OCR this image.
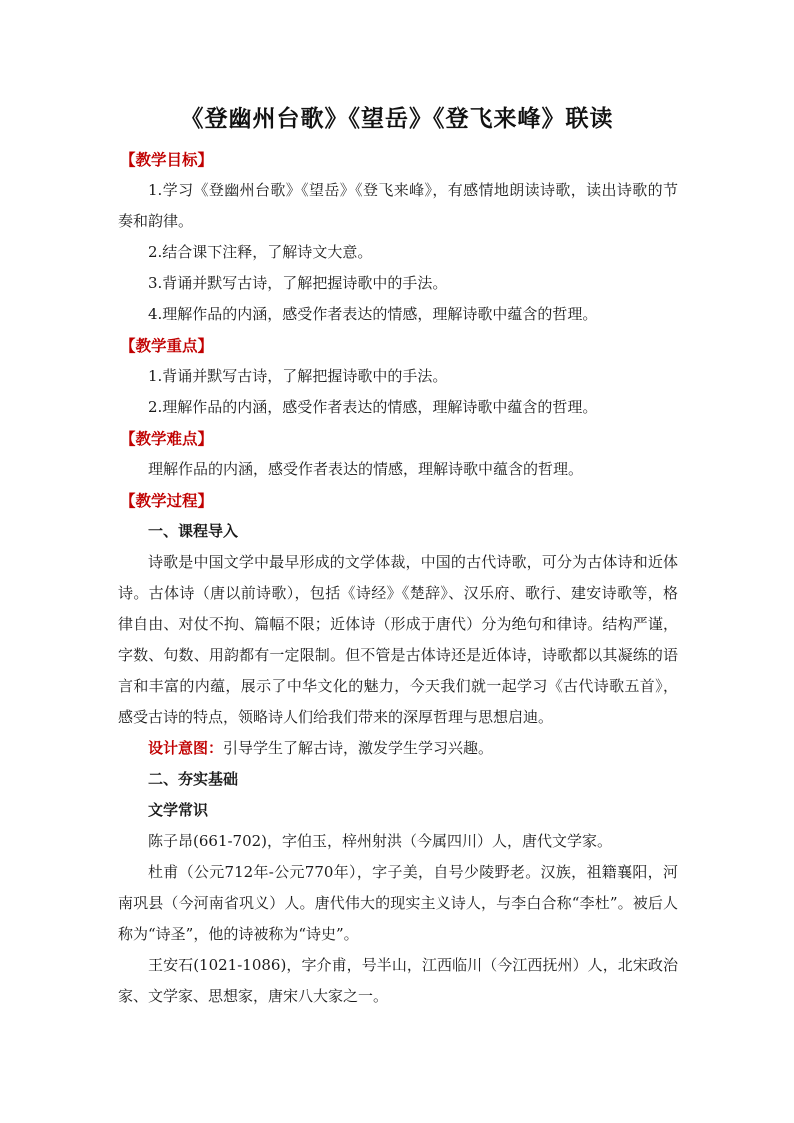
《登幽州台歌》《望岳》《登飞来峰》联读
【教学目标】

1.学习《登幽州台歌》《望岳》《登飞来峰》，有感情地朗读诗歌，读出诗歌的节奏和韵律。

2.结合课下注释，了解诗文大意。

3.背诵并默写古诗，了解把握诗歌中的手法。

4.理解作品的内涵，感受作者表达的情感，理解诗歌中蕴含的哲理。

【教学重点】

1.背诵并默写古诗，了解把握诗歌中的手法。

2.理解作品的内涵，感受作者表达的情感，理解诗歌中蕴含的哲理。

【教学难点】

理解作品的内涵，感受作者表达的情感，理解诗歌中蕴含的哲理。

【教学过程】

一、课程导入

诗歌是中国文学中最早形成的文学体裁，中国的古代诗歌，可分为古体诗和近体诗。古体诗（唐以前诗歌），包括《诗经》《楚辞》、汉乐府、歌行、建安诗歌等，格律自由、对仗不拘、篇幅不限；近体诗（形成于唐代）分为绝句和律诗。结构严谨，字数、句数、用韵都有一定限制。但不管是古体诗还是近体诗，诗歌都以其凝练的语言和丰富的内蕴，展示了中华文化的魅力，今天我们就一起学习《古代诗歌五首》，感受古诗的特点，领略诗人们给我们带来的深厚哲理与思想启迪。

设计意图：引导学生了解古诗，激发学生学习兴趣。

二、夯实基础

文学常识

陈子昂(661-702)，字伯玉，梓州射洪（今属四川）人，唐代文学家。

杜甫（公元712年-公元770年），字子美，自号少陵野老。汉族，祖籍襄阳，河南巩县（今河南省巩义）人。唐代伟大的现实主义诗人，与李白合称“李杜”。被后人称为“诗圣”，他的诗被称为“诗史”。

王安石(1021-1086)，字介甫，号半山，江西临川（今江西抚州）人，北宋政治家、文学家、思想家，唐宋八大家之一。
